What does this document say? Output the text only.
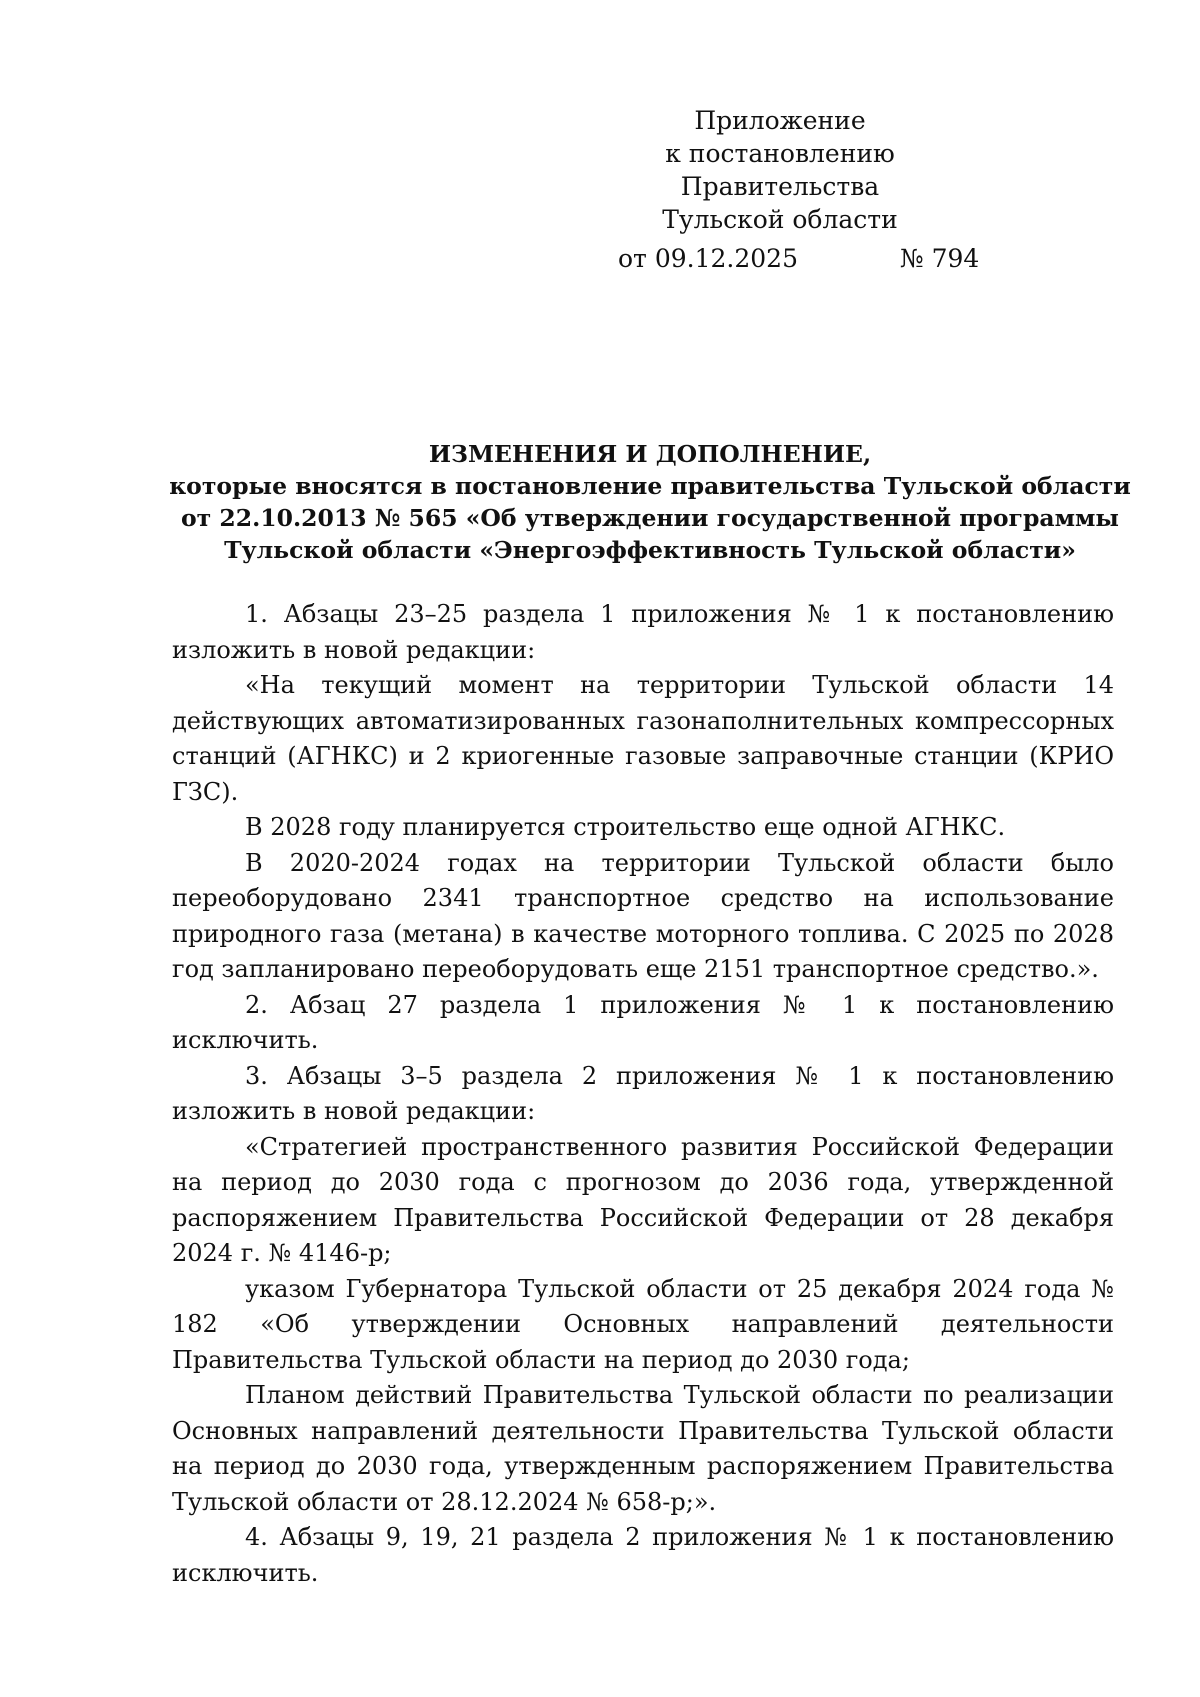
Приложение
к постановлению Правительства
Тульской области
от 09.12.2025	№ 794
ИЗМЕНЕНИЯ И ДОПОЛНЕНИЕ,
которые вносятся в постановление правительства Тульской области
от 22.10.2013 № 565 «Об утверждении государственной программы
Тульской области «Энергоэффективность Тульской области»

1. Абзацы 23–25 раздела 1 приложения № 1 к постановлению изложить в новой редакции:

«На текущий момент на территории Тульской области 14 действующих автоматизированных газонаполнительных компрессорных станций (АГНКС) и 2 криогенные газовые заправочные станции (КРИО ГЗС).

В 2028 году планируется строительство еще одной АГНКС.

В 2020-2024 годах на территории Тульской области было переоборудовано 2341 транспортное средство на использование природного газа (метана) в качестве моторного топлива. С 2025 по 2028 год запланировано переоборудовать еще 2151 транспортное средство.».

2. Абзац 27 раздела 1 приложения № 1 к постановлению исключить.

3. Абзацы 3–5 раздела 2 приложения № 1 к постановлению изложить в новой редакции:

«Стратегией пространственного развития Российской Федерации на период до 2030 года с прогнозом до 2036 года, утвержденной распоряжением Правительства Российской Федерации от 28 декабря 2024 г. № 4146-р;

указом Губернатора Тульской области от 25 декабря 2024 года № 182 «Об утверждении Основных направлений деятельности Правительства Тульской области на период до 2030 года;

Планом действий Правительства Тульской области по реализации Основных направлений деятельности Правительства Тульской области на период до 2030 года, утвержденным распоряжением Правительства Тульской области от 28.12.2024 № 658-р;».

4. Абзацы 9, 19, 21 раздела 2 приложения № 1 к постановлению исключить.
